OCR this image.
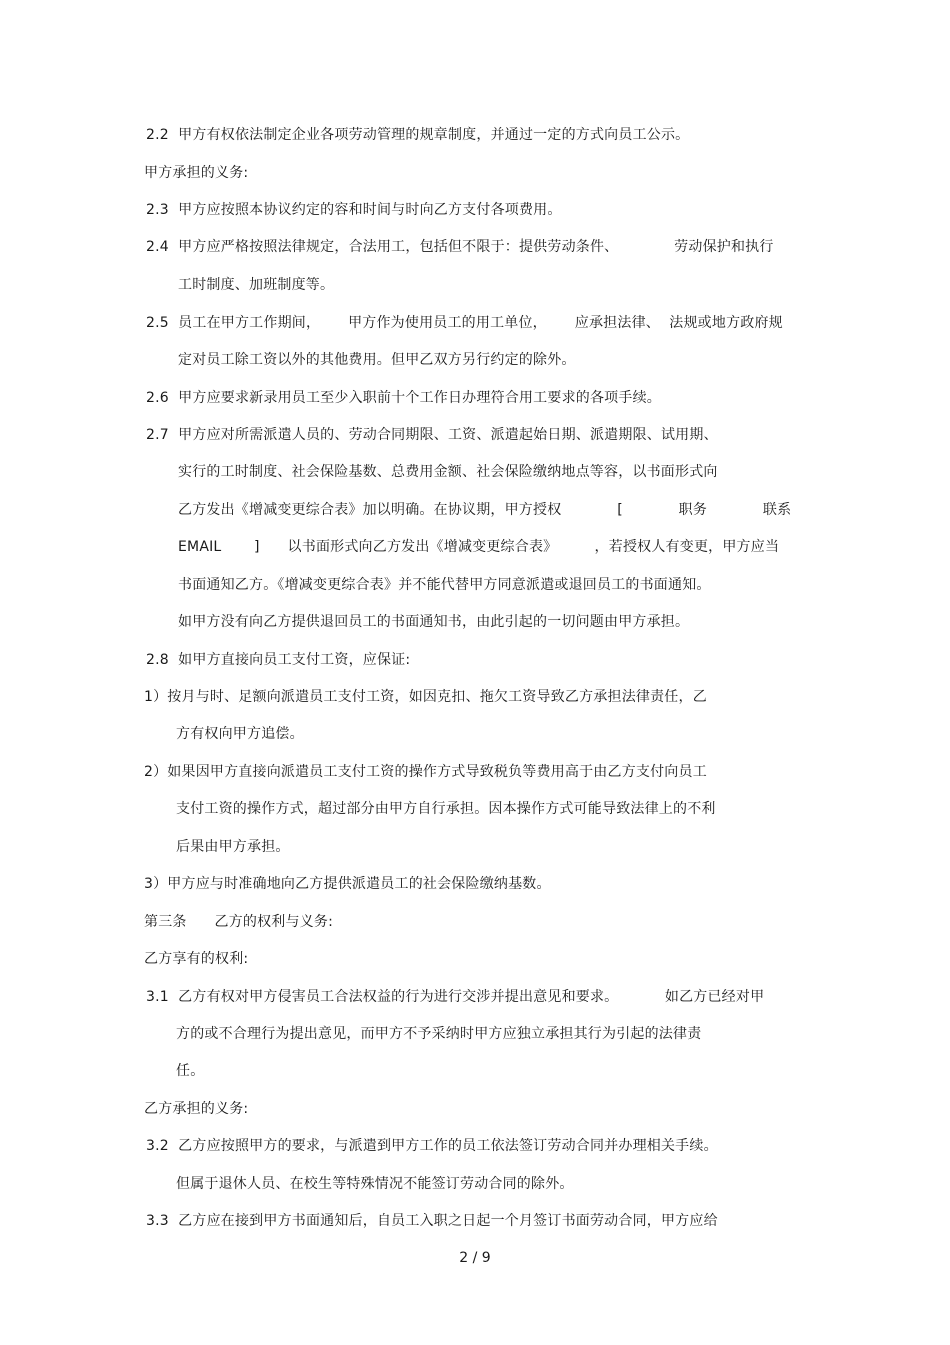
2.2  甲方有权依法制定企业各项劳动管理的规章制度，并通过一定的方式向员工公示。
甲方承担的义务:
2.3  甲方应按照本协议约定的容和时间与时向乙方支付各项费用。
2.4  甲方应严格按照法律规定，合法用工，包括但不限于：提供劳动条件、            劳动保护和执行
工时制度、加班制度等。
2.5  员工在甲方工作期间，      甲方作为使用员工的用工单位，      应承担法律、  法规或地方政府规
定对员工除工资以外的其他费用。但甲乙双方另行约定的除外。
2.6  甲方应要求新录用员工至少入职前十个工作日办理符合用工要求的各项手续。
2.7  甲方应对所需派遣人员的、劳动合同期限、工资、派遣起始日期、派遣期限、试用期、
实行的工时制度、社会保险基数、总费用金额、社会保险缴纳地点等容，以书面形式向
乙方发出《增减变更综合表》加以明确。在协议期，甲方授权            [            职务            联系
EMAIL       ]      以书面形式向乙方发出《增减变更综合表》        ，若授权人有变更，甲方应当
书面通知乙方。《增减变更综合表》并不能代替甲方同意派遣或退回员工的书面通知。
如甲方没有向乙方提供退回员工的书面通知书，由此引起的一切问题由甲方承担。
2.8  如甲方直接向员工支付工资，应保证:
1）按月与时、足额向派遣员工支付工资，如因克扣、拖欠工资导致乙方承担法律责任，乙
方有权向甲方追偿。
2）如果因甲方直接向派遣员工支付工资的操作方式导致税负等费用高于由乙方支付向员工
支付工资的操作方式，超过部分由甲方自行承担。因本操作方式可能导致法律上的不利
后果由甲方承担。
3）甲方应与时准确地向乙方提供派遣员工的社会保险缴纳基数。
第三条      乙方的权利与义务:
乙方享有的权利:
3.1  乙方有权对甲方侵害员工合法权益的行为进行交涉并提出意见和要求。          如乙方已经对甲
方的或不合理行为提出意见，而甲方不予采纳时甲方应独立承担其行为引起的法律责
任。
乙方承担的义务:
3.2  乙方应按照甲方的要求，与派遣到甲方工作的员工依法签订劳动合同并办理相关手续。
但属于退休人员、在校生等特殊情况不能签订劳动合同的除外。
3.3  乙方应在接到甲方书面通知后，自员工入职之日起一个月签订书面劳动合同，甲方应给
2 / 9
